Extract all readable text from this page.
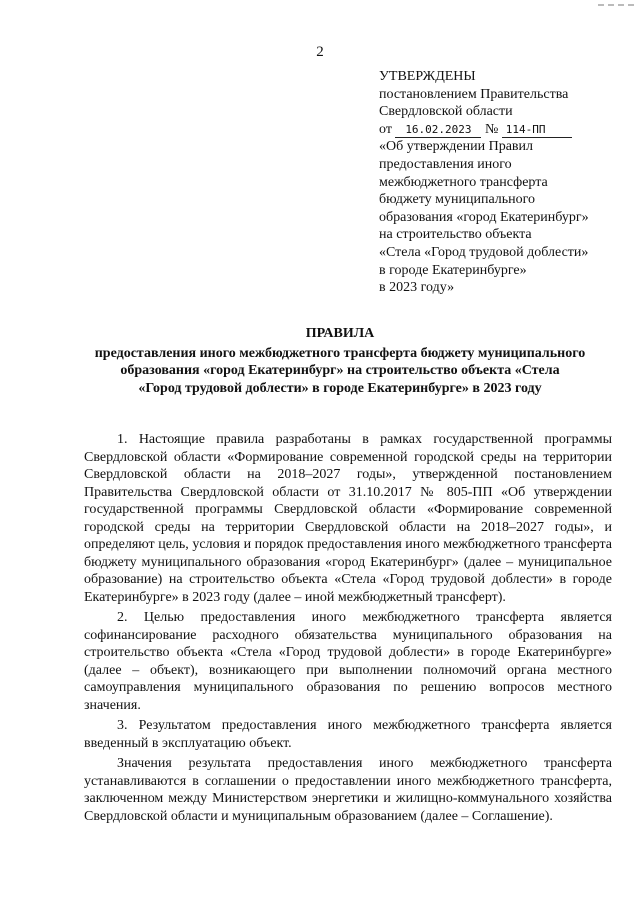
2
УТВЕРЖДЕНЫ
постановлением Правительства
Свердловской области
от 16.02.2023 № 114-ПП
«Об утверждении Правил
предоставления иного
межбюджетного трансферта
бюджету муниципального
образования «город Екатеринбург»
на строительство объекта
«Стела «Город трудовой доблести»
в городе Екатеринбурге»
в 2023 году»
ПРАВИЛА
предоставления иного межбюджетного трансферта бюджету муниципального
образования «город Екатеринбург» на строительство объекта «Стела
«Город трудовой доблести» в городе Екатеринбурге» в 2023 году

1. Настоящие правила разработаны в рамках государственной программы Свердловской области «Формирование современной городской среды на территории Свердловской области на 2018–2027 годы», утвержденной постановлением Правительства Свердловской области от 31.10.2017 № 805-ПП «Об утверждении государственной программы Свердловской области «Формирование современной городской среды на территории Свердловской области на 2018–2027 годы», и определяют цель, условия и порядок предоставления иного межбюджетного трансферта бюджету муниципального образования «город Екатеринбург» (далее – муниципальное образование) на строительство объекта «Стела «Город трудовой доблести» в городе Екатеринбурге» в 2023 году (далее – иной межбюджетный трансферт).

2. Целью предоставления иного межбюджетного трансферта является софинансирование расходного обязательства муниципального образования на строительство объекта «Стела «Город трудовой доблести» в городе Екатеринбурге» (далее – объект), возникающего при выполнении полномочий органа местного самоуправления муниципального образования по решению вопросов местного значения.

3. Результатом предоставления иного межбюджетного трансферта является введенный в эксплуатацию объект.

Значения результата предоставления иного межбюджетного трансферта устанавливаются в соглашении о предоставлении иного межбюджетного трансферта, заключенном между Министерством энергетики и жилищно-коммунального хозяйства Свердловской области и муниципальным образованием (далее – Соглашение).
